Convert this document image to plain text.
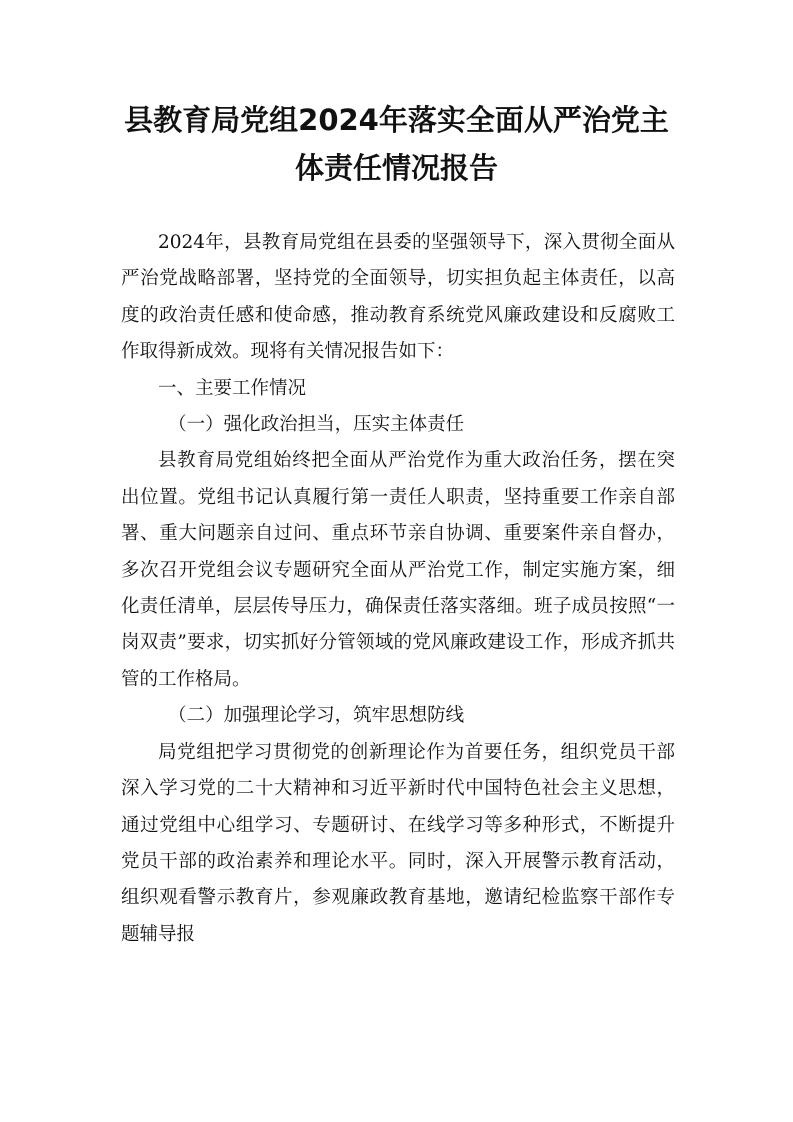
县教育局党组2024年落实全面从严治党主
体责任情况报告

2024年，县教育局党组在县委的坚强领导下，深入贯彻全面从严治党战略部署，坚持党的全面领导，切实担负起主体责任，以高度的政治责任感和使命感，推动教育系统党风廉政建设和反腐败工作取得新成效。现将有关情况报告如下：

一、主要工作情况

（一）强化政治担当，压实主体责任

县教育局党组始终把全面从严治党作为重大政治任务，摆在突出位置。党组书记认真履行第一责任人职责，坚持重要工作亲自部署、重大问题亲自过问、重点环节亲自协调、重要案件亲自督办，多次召开党组会议专题研究全面从严治党工作，制定实施方案，细化责任清单，层层传导压力，确保责任落实落细。班子成员按照“一岗双责”要求，切实抓好分管领域的党风廉政建设工作，形成齐抓共管的工作格局。

（二）加强理论学习，筑牢思想防线

局党组把学习贯彻党的创新理论作为首要任务，组织党员干部深入学习党的二十大精神和习近平新时代中国特色社会主义思想，通过党组中心组学习、专题研讨、在线学习等多种形式，不断提升党员干部的政治素养和理论水平。同时，深入开展警示教育活动，组织观看警示教育片，参观廉政教育基地，邀请纪检监察干部作专题辅导报
